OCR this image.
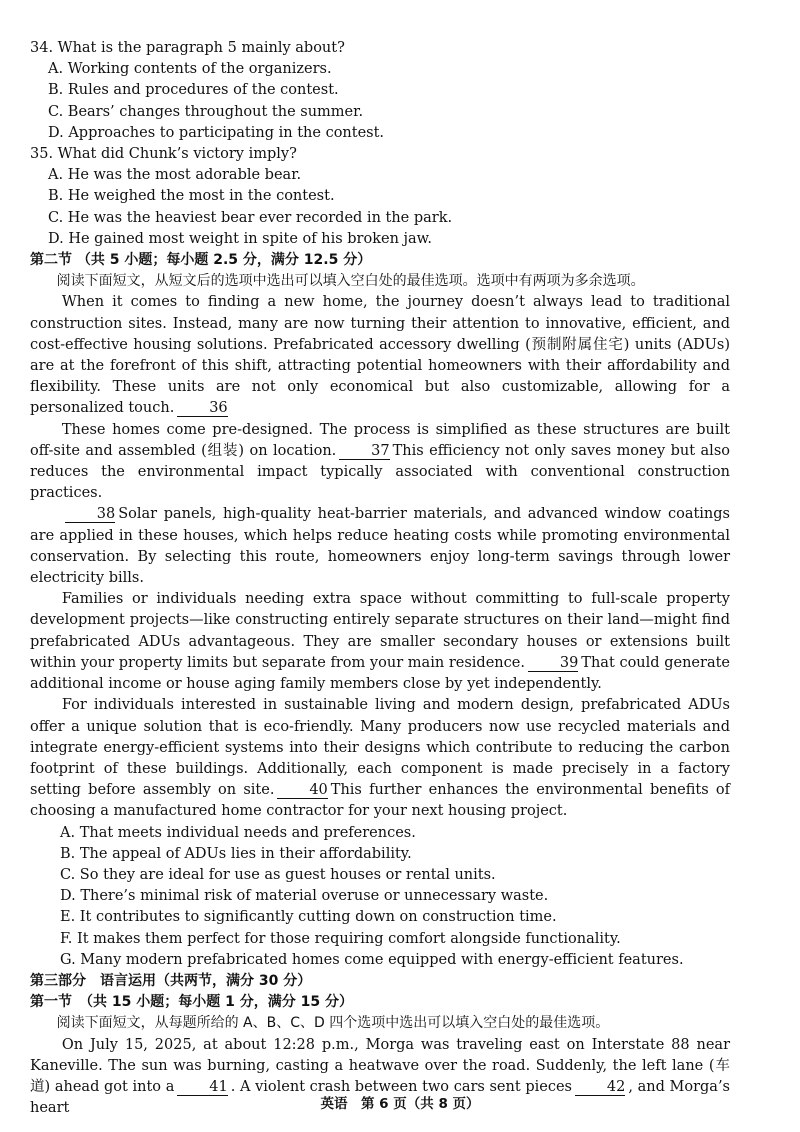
34. What is the paragraph 5 mainly about?

A. Working contents of the organizers.

B. Rules and procedures of the contest.

C. Bears’ changes throughout the summer.

D. Approaches to participating in the contest.

35. What did Chunk’s victory imply?

A. He was the most adorable bear.

B. He weighed the most in the contest.

C. He was the heaviest bear ever recorded in the park.

D. He gained most weight in spite of his broken jaw.

第二节 （共 5 小题；每小题 2.5 分，满分 12.5 分）

阅读下面短文，从短文后的选项中选出可以填入空白处的最佳选项。选项中有两项为多余选项。

When it comes to finding a new home, the journey doesn’t always lead to traditional construction sites. Instead, many are now turning their attention to innovative, efficient, and cost-effective housing solutions. Prefabricated accessory dwelling (预制附属住宅) units (ADUs) are at the forefront of this shift, attracting potential homeowners with their affordability and flexibility. These units are not only economical but also customizable, allowing for a personalized touch. 36

These homes come pre-designed. The process is simplified as these structures are built off-site and assembled (组装) on location. 37 This efficiency not only saves money but also reduces the environmental impact typically associated with conventional construction practices.

38 Solar panels, high-quality heat-barrier materials, and advanced window coatings are applied in these houses, which helps reduce heating costs while promoting environmental conservation. By selecting this route, homeowners enjoy long-term savings through lower electricity bills.

Families or individuals needing extra space without committing to full-scale property development projects—like constructing entirely separate structures on their land—might find prefabricated ADUs advantageous. They are smaller secondary houses or extensions built within your property limits but separate from your main residence. 39 That could generate additional income or house aging family members close by yet independently.

For individuals interested in sustainable living and modern design, prefabricated ADUs offer a unique solution that is eco-friendly. Many producers now use recycled materials and integrate energy-efficient systems into their designs which contribute to reducing the carbon footprint of these buildings. Additionally, each component is made precisely in a factory setting before assembly on site. 40 This further enhances the environmental benefits of choosing a manufactured home contractor for your next housing project.

A. That meets individual needs and preferences.

B. The appeal of ADUs lies in their affordability.

C. So they are ideal for use as guest houses or rental units.

D. There’s minimal risk of material overuse or unnecessary waste.

E. It contributes to significantly cutting down on construction time.

F. It makes them perfect for those requiring comfort alongside functionality.

G. Many modern prefabricated homes come equipped with energy-efficient features.

第三部分　语言运用（共两节，满分 30 分）

第一节　（共 15 小题；每小题 1 分，满分 15 分）

阅读下面短文，从每题所给的 A、B、C、D 四个选项中选出可以填入空白处的最佳选项。

On July 15, 2025, at about 12:28 p.m., Morga was traveling east on Interstate 88 near Kaneville. The sun was burning, casting a heatwave over the road. Suddenly, the left lane (车道) ahead got into a 41 . A violent crash between two cars sent pieces 42 , and Morga’s heart	英语　第 6 页（共 8 页）
